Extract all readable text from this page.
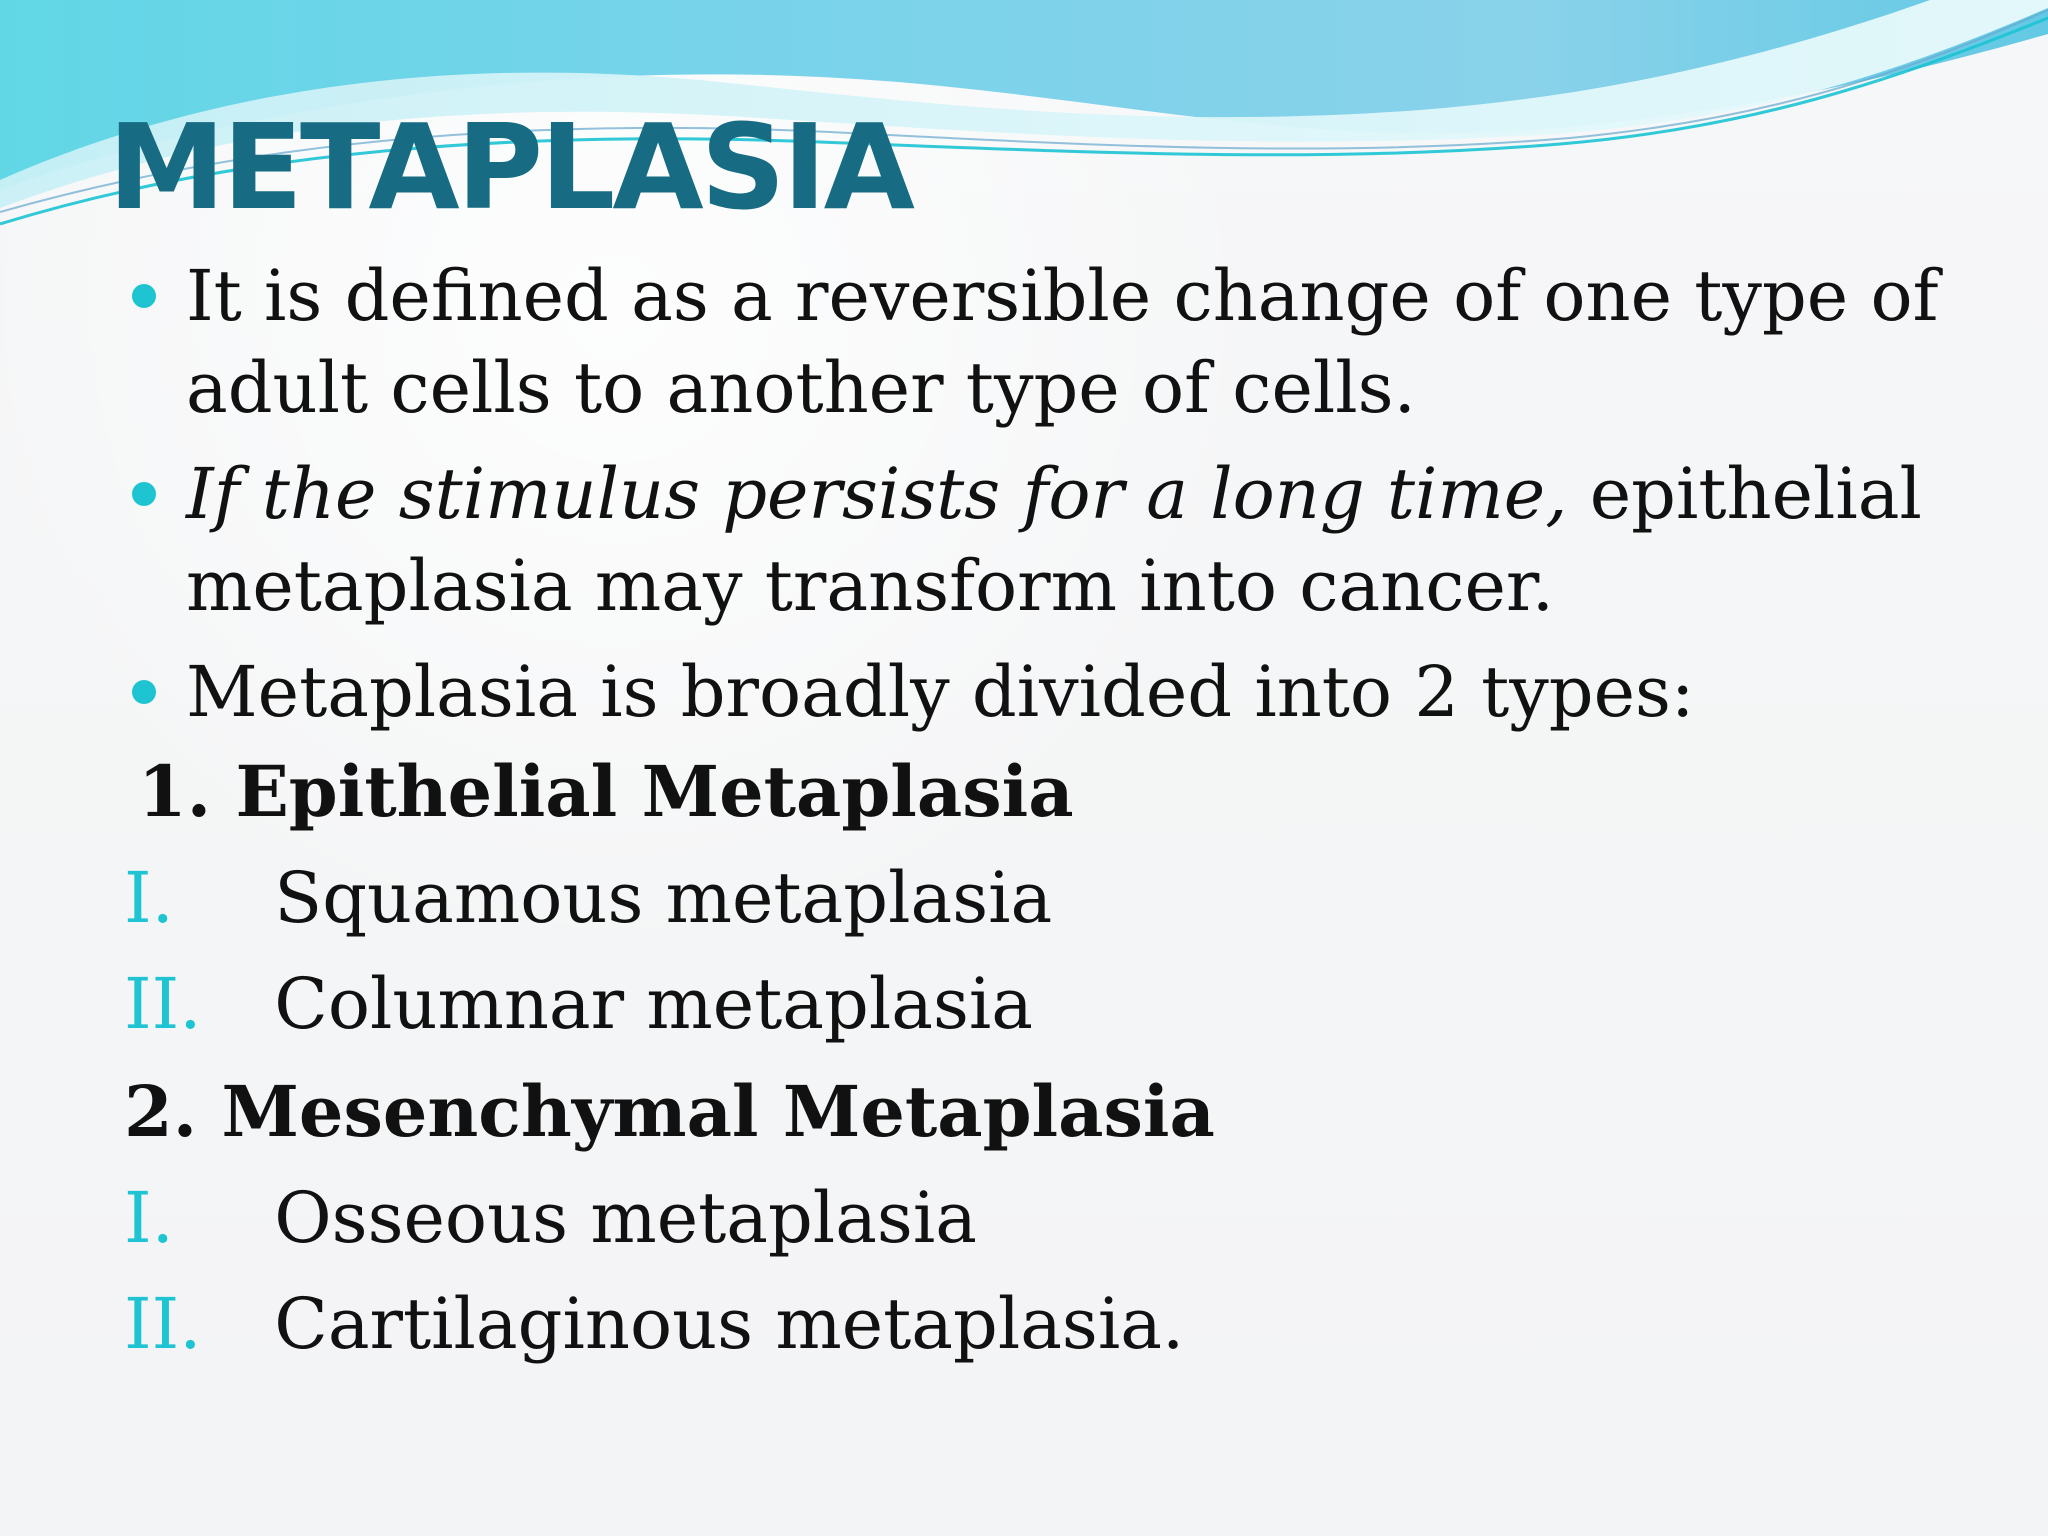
METAPLASIA
It is defined as a reversible change of one type of adult cells to another type of cells.
If the stimulus persists for a long time, epithelial metaplasia may transform into cancer.
Metaplasia is broadly divided into 2 types:
1. Epithelial Metaplasia
I. Squamous metaplasia
II. Columnar metaplasia
2. Mesenchymal Metaplasia
I. Osseous metaplasia
II. Cartilaginous metaplasia.
